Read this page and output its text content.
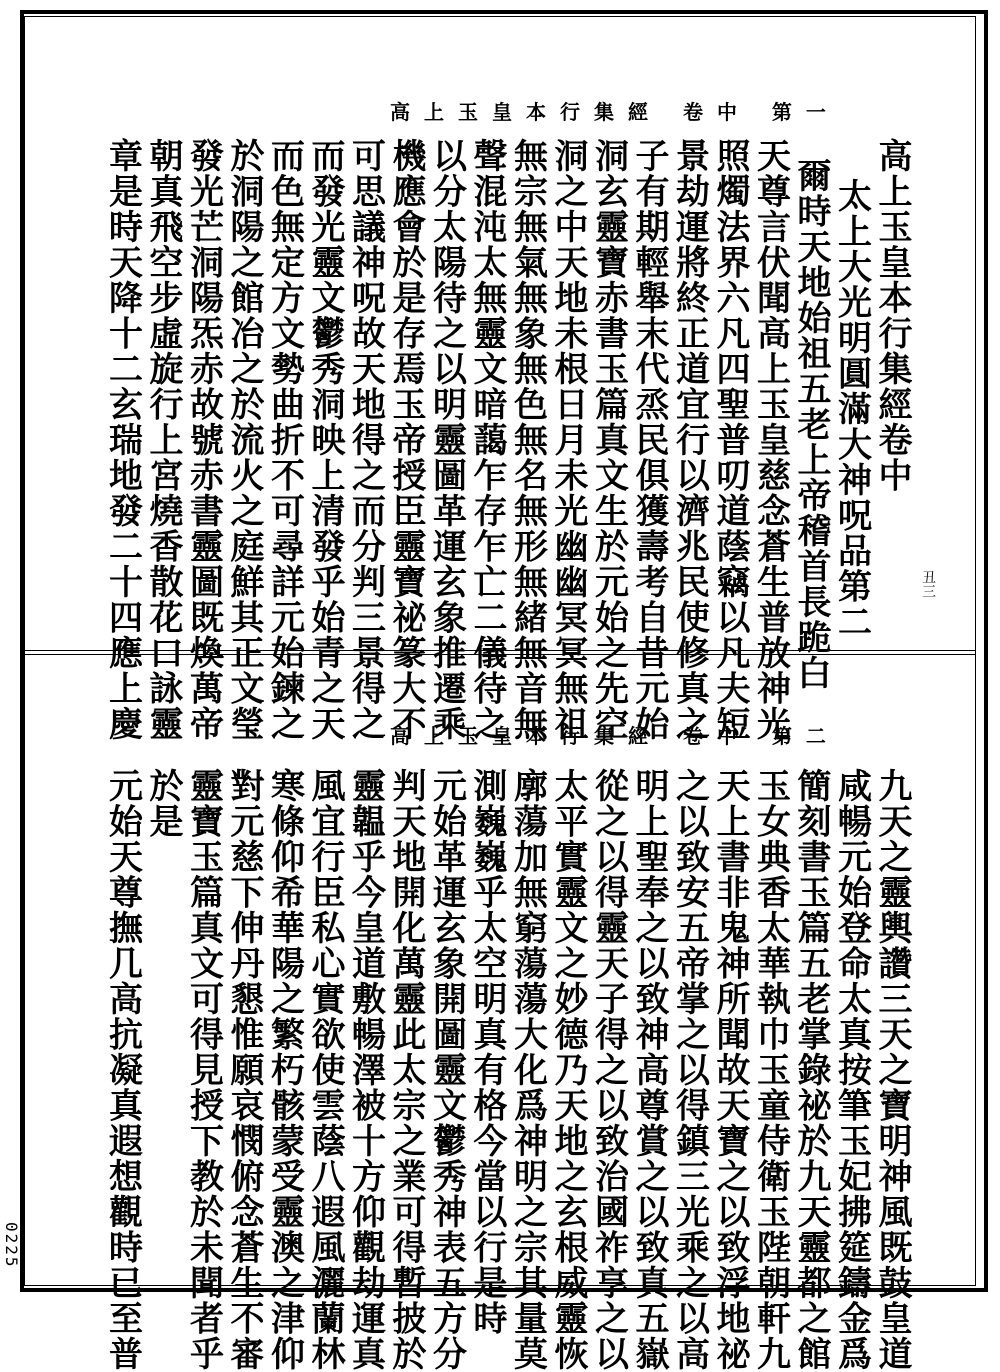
高上玉皇本行集經 卷中 第一
丑三
高上玉皇本行集經卷中
太上大光明圓滿大神呪品第二
爾時天地始祖五老上帝稽首長跪白
天尊言伏聞高上玉皇慈念蒼生普放神光
照燭法界六凡四聖普叨道蔭竊以凡夫短
景劫運將終正道宜行以濟兆民使修真之
子有期輕舉末代烝民俱獲壽考自昔元始
洞玄靈寶赤書玉篇真文生於元始之先空
洞之中天地未根日月未光幽幽冥冥無祖
無宗無氣無象無色無名無形無緒無音無
聲混沌太無靈文暗藹乍存乍亡二儀待之
以分太陽待之以明靈圖革運玄象推遷乘
機應會於是存焉玉帝授臣靈寶祕篆大不
可思議神呪故天地得之而分判三景得之
而發光靈文鬱秀洞映上清發乎始青之天
而色無定方文勢曲折不可尋詳元始鍊之
於洞陽之館冶之於流火之庭鮮其正文瑩
發光芒洞陽炁赤故號赤書靈圖既煥萬帝
朝真飛空步虛旋行上宮燒香散花口詠靈
章是時天降十二玄瑞地發二十四應上慶	高上玉皇本行集經 卷中 第二
九天之靈輿讚三天之寶明神風既鼓皇道
咸暢元始登命太真按筆玉妃拂筵鑄金爲
簡刻書玉篇五老掌錄祕於九天靈都之館
玉女典香太華執巾玉童侍衛玉陛朝軒九
天上書非鬼神所聞故天寶之以致浮地祕
之以致安五帝掌之以得鎮三光乘之以高
明上聖奉之以致神高尊賞之以致真五嶽
從之以得靈天子得之以致治國祚享之以
太平實靈文之妙德乃天地之玄根威靈恢
廓蕩加無窮蕩蕩大化爲神明之宗其量莫
測巍巍乎太空明真有格今當以行是時
元始革運玄象開圖靈文鬱秀神表五方分
判天地開化萬靈此太宗之業可得暫披於
靈韞乎今皇道敷暢澤被十方仰觀劫運真
風宜行臣私心實欲使雲蔭八遐風灑蘭林
寒條仰希華陽之繁朽骸蒙受靈澳之津仰
對元慈下伸丹懇惟願哀憫俯念蒼生不審
靈寶玉篇真文可得見授下教於未聞者乎
於是
元始天尊撫几高抗凝真遐想觀時已至普
0225
